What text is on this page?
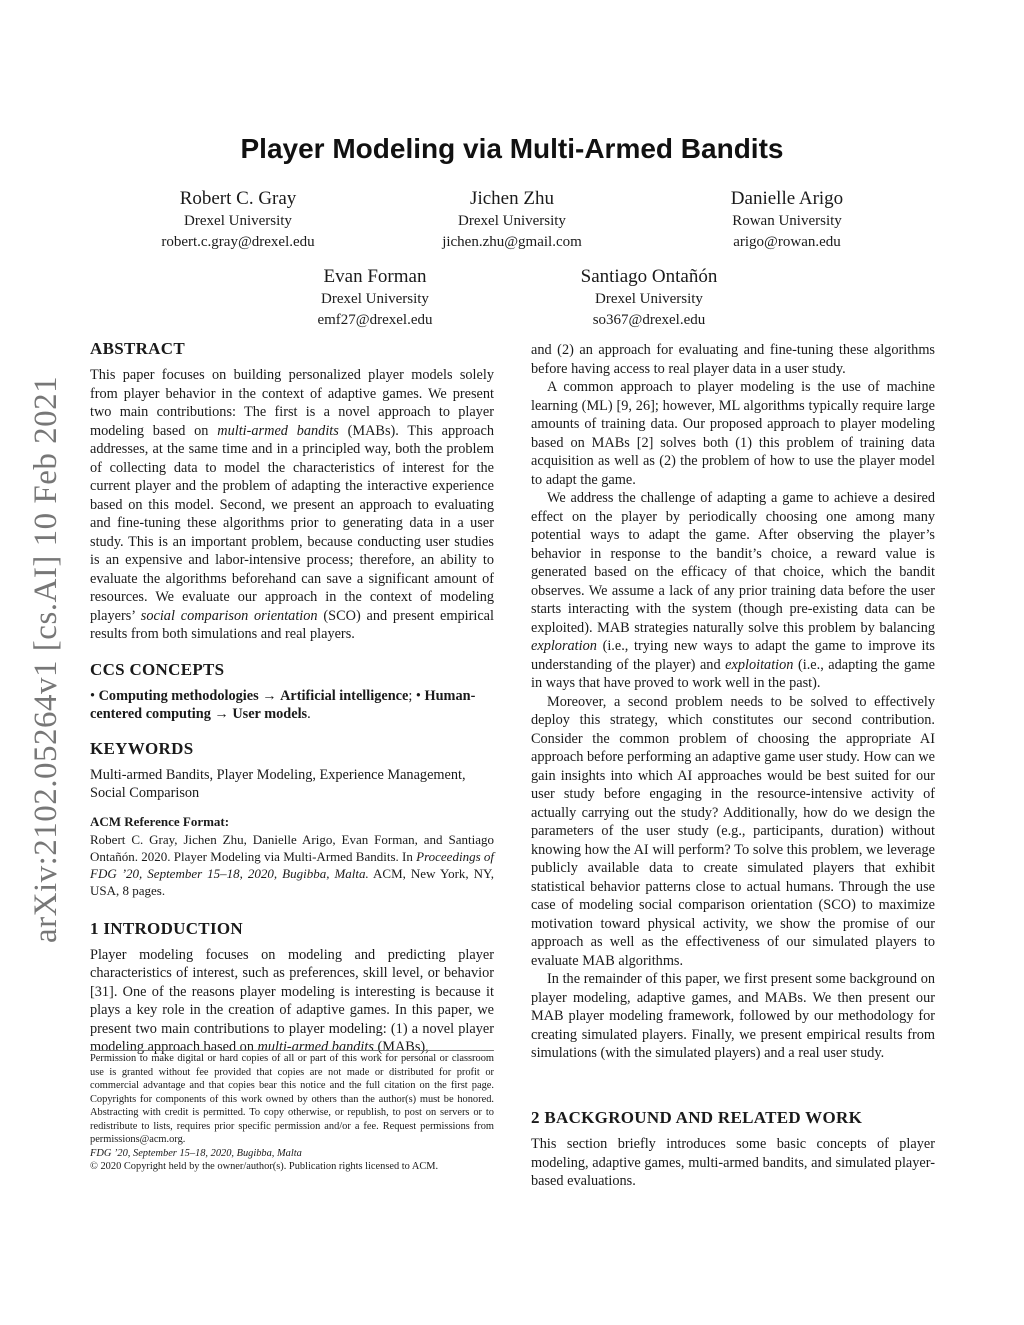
arXiv:2102.05264v1 [cs.AI] 10 Feb 2021
Player Modeling via Multi-Armed Bandits
Robert C. Gray
Drexel University
robert.c.gray@drexel.edu
Jichen Zhu
Drexel University
jichen.zhu@gmail.com
Danielle Arigo
Rowan University
arigo@rowan.edu
Evan Forman
Drexel University
emf27@drexel.edu
Santiago Ontañón
Drexel University
so367@drexel.edu
ABSTRACT

This paper focuses on building personalized player models solely from player behavior in the context of adaptive games. We present two main contributions: The first is a novel approach to player modeling based on multi-armed bandits (MABs). This approach addresses, at the same time and in a principled way, both the problem of collecting data to model the characteristics of interest for the current player and the problem of adapting the interactive experience based on this model. Second, we present an approach to evaluating and fine-tuning these algorithms prior to generating data in a user study. This is an important problem, because conducting user studies is an expensive and labor-intensive process; therefore, an ability to evaluate the algorithms beforehand can save a significant amount of resources. We evaluate our approach in the context of modeling players’ social comparison orientation (SCO) and present empirical results from both simulations and real players.

CCS CONCEPTS

• Computing methodologies → Artificial intelligence; • Human-centered computing → User models.

KEYWORDS

Multi-armed Bandits, Player Modeling, Experience Management, Social Comparison

ACM Reference Format:
Robert C. Gray, Jichen Zhu, Danielle Arigo, Evan Forman, and Santiago Ontañón. 2020. Player Modeling via Multi-Armed Bandits. In Proceedings of FDG ’20, September 15–18, 2020, Bugibba, Malta. ACM, New York, NY, USA, 8 pages.
1 INTRODUCTION

Player modeling focuses on modeling and predicting player characteristics of interest, such as preferences, skill level, or behavior [31]. One of the reasons player modeling is interesting is because it plays a key role in the creation of adaptive games. In this paper, we present two main contributions to player modeling: (1) a novel player modeling approach based on multi-armed bandits (MABs),

Permission to make digital or hard copies of all or part of this work for personal or classroom use is granted without fee provided that copies are not made or distributed for profit or commercial advantage and that copies bear this notice and the full citation on the first page. Copyrights for components of this work owned by others than the author(s) must be honored. Abstracting with credit is permitted. To copy otherwise, or republish, to post on servers or to redistribute to lists, requires prior specific permission and/or a fee. Request permissions from permissions@acm.org.

FDG ’20, September 15–18, 2020, Bugibba, Malta

© 2020 Copyright held by the owner/author(s). Publication rights licensed to ACM.

and (2) an approach for evaluating and fine-tuning these algorithms before having access to real player data in a user study.

A common approach to player modeling is the use of machine learning (ML) [9, 26]; however, ML algorithms typically require large amounts of training data. Our proposed approach to player modeling based on MABs [2] solves both (1) this problem of training data acquisition as well as (2) the problem of how to use the player model to adapt the game.

We address the challenge of adapting a game to achieve a desired effect on the player by periodically choosing one among many potential ways to adapt the game. After observing the player’s behavior in response to the bandit’s choice, a reward value is generated based on the efficacy of that choice, which the bandit observes. We assume a lack of any prior training data before the user starts interacting with the system (though pre-existing data can be exploited). MAB strategies naturally solve this problem by balancing exploration (i.e., trying new ways to adapt the game to improve its understanding of the player) and exploitation (i.e., adapting the game in ways that have proved to work well in the past).

Moreover, a second problem needs to be solved to effectively deploy this strategy, which constitutes our second contribution. Consider the common problem of choosing the appropriate AI approach before performing an adaptive game user study. How can we gain insights into which AI approaches would be best suited for our user study before engaging in the resource-intensive activity of actually carrying out the study? Additionally, how do we design the parameters of the user study (e.g., participants, duration) without knowing how the AI will perform? To solve this problem, we leverage publicly available data to create simulated players that exhibit statistical behavior patterns close to actual humans. Through the use case of modeling social comparison orientation (SCO) to maximize motivation toward physical activity, we show the promise of our approach as well as the effectiveness of our simulated players to evaluate MAB algorithms.

In the remainder of this paper, we first present some background on player modeling, adaptive games, and MABs. We then present our MAB player modeling framework, followed by our methodology for creating simulated players. Finally, we present empirical results from simulations (with the simulated players) and a real user study.

2 BACKGROUND AND RELATED WORK

This section briefly introduces some basic concepts of player modeling, adaptive games, multi-armed bandits, and simulated player-based evaluations.
